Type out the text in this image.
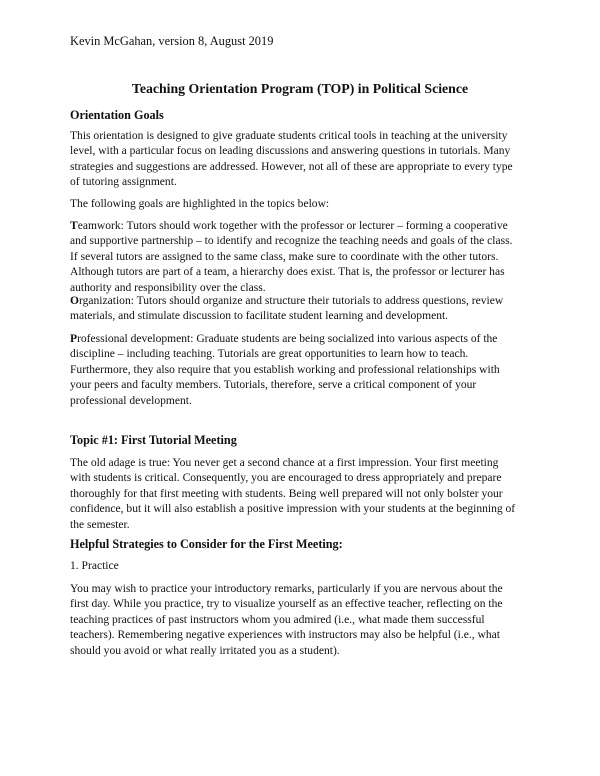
Kevin McGahan, version 8, August 2019
Teaching Orientation Program (TOP) in Political Science
Orientation Goals
This orientation is designed to give graduate students critical tools in teaching at the university
level, with a particular focus on leading discussions and answering questions in tutorials. Many
strategies and suggestions are addressed. However, not all of these are appropriate to every type
of tutoring assignment.
The following goals are highlighted in the topics below:
Teamwork: Tutors should work together with the professor or lecturer – forming a cooperative
and supportive partnership – to identify and recognize the teaching needs and goals of the class.
If several tutors are assigned to the same class, make sure to coordinate with the other tutors.
Although tutors are part of a team, a hierarchy does exist. That is, the professor or lecturer has
authority and responsibility over the class.
Organization: Tutors should organize and structure their tutorials to address questions, review
materials, and stimulate discussion to facilitate student learning and development.
Professional development: Graduate students are being socialized into various aspects of the
discipline – including teaching. Tutorials are great opportunities to learn how to teach.
Furthermore, they also require that you establish working and professional relationships with
your peers and faculty members. Tutorials, therefore, serve a critical component of your
professional development.
Topic #1: First Tutorial Meeting
The old adage is true: You never get a second chance at a first impression. Your first meeting
with students is critical. Consequently, you are encouraged to dress appropriately and prepare
thoroughly for that first meeting with students. Being well prepared will not only bolster your
confidence, but it will also establish a positive impression with your students at the beginning of
the semester.
Helpful Strategies to Consider for the First Meeting:
1. Practice
You may wish to practice your introductory remarks, particularly if you are nervous about the
first day. While you practice, try to visualize yourself as an effective teacher, reflecting on the
teaching practices of past instructors whom you admired (i.e., what made them successful
teachers). Remembering negative experiences with instructors may also be helpful (i.e., what
should you avoid or what really irritated you as a student).
